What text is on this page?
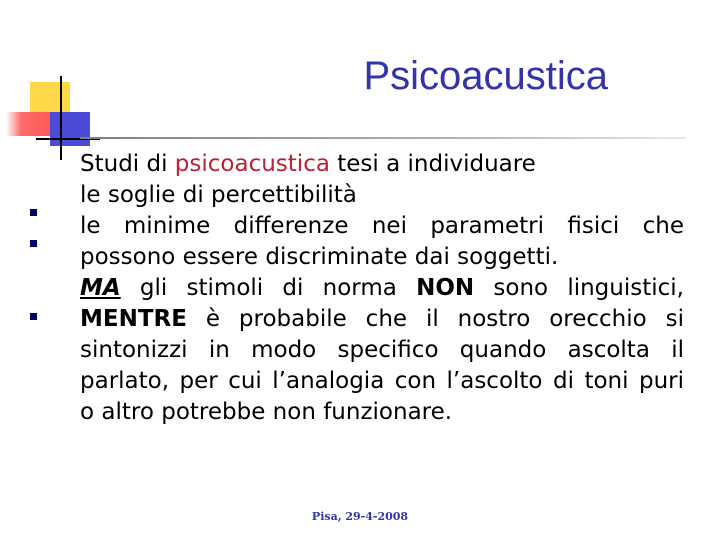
Psicoacustica
Studi di psicoacustica tesi a individuare
le soglie di percettibilità
le minime differenze nei parametri fisici che
possono essere discriminate dai soggetti.
MA gli stimoli di norma NON sono linguistici,
MENTRE è probabile che il nostro orecchio si
sintonizzi in modo specifico quando ascolta il
parlato, per cui l’analogia con l’ascolto di toni puri
o altro potrebbe non funzionare.
Pisa, 29-4-2008
